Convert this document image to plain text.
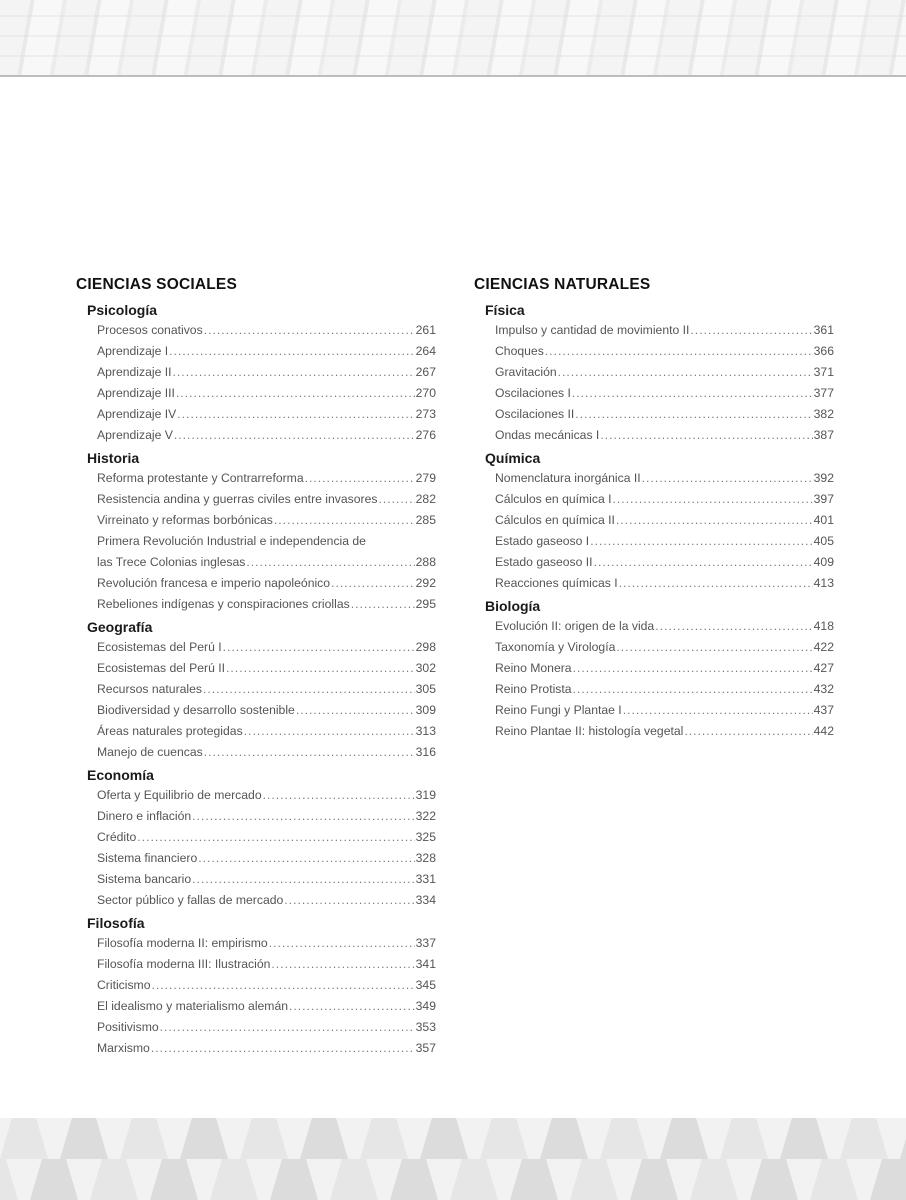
CIENCIAS SOCIALES
Psicología
Procesos conativos .....	261
Aprendizaje I .....	264
Aprendizaje II .....	267
Aprendizaje III .....	270
Aprendizaje IV .....	273
Aprendizaje V .....	276
Historia
Reforma protestante y Contrarreforma .....	279
Resistencia andina y guerras civiles entre invasores .....	282
Virreinato y reformas borbónicas .....	285
Primera Revolución Industrial e independencia de
las Trece Colonias inglesas .....	288
Revolución francesa e imperio napoleónico .....	292
Rebeliones indígenas y conspiraciones criollas .....	295
Geografía
Ecosistemas del Perú I .....	298
Ecosistemas del Perú II .....	302
Recursos naturales .....	305
Biodiversidad y desarrollo sostenible .....	309
Áreas naturales protegidas .....	313
Manejo de cuencas .....	316
Economía
Oferta y Equilibrio de mercado .....	319
Dinero e inflación .....	322
Crédito .....	325
Sistema financiero .....	328
Sistema bancario .....	331
Sector público y fallas de mercado .....	334
Filosofía
Filosofía moderna II: empirismo .....	337
Filosofía moderna III: Ilustración .....	341
Criticismo .....	345
El idealismo y materialismo alemán .....	349
Positivismo .....	353
Marxismo .....	357
CIENCIAS NATURALES
Física
Impulso y cantidad de movimiento II .....	361
Choques .....	366
Gravitación .....	371
Oscilaciones I .....	377
Oscilaciones II .....	382
Ondas mecánicas I .....	387
Química
Nomenclatura inorgánica II .....	392
Cálculos en química I .....	397
Cálculos en química II .....	401
Estado gaseoso I .....	405
Estado gaseoso II .....	409
Reacciones químicas I .....	413
Biología
Evolución II: origen de la vida .....	418
Taxonomía y Virología .....	422
Reino Monera .....	427
Reino Protista .....	432
Reino Fungi y Plantae I .....	437
Reino Plantae II: histología vegetal .....	442
